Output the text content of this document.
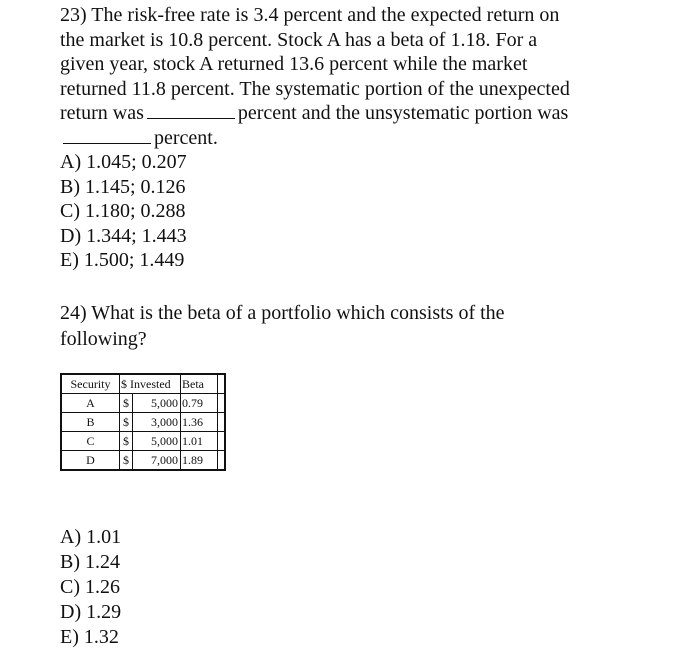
23) The risk-free rate is 3.4 percent and the expected return on
the market is 10.8 percent. Stock A has a beta of 1.18. For a
given year, stock A returned 13.6 percent while the market
returned 11.8 percent. The systematic portion of the unexpected
return was	percent and the unsystematic portion was
percent.
A) 1.045; 0.207
B) 1.145; 0.126
C) 1.180; 0.288
D) 1.344; 1.443
E) 1.500; 1.449
24) What is the beta of a portfolio which consists of the
following?
Security	$ Invested		Beta	
A	$	5,000	0.79	
B	$	3,000	1.36	
C	$	5,000	1.01	
D	$	7,000	1.89	
A) 1.01
B) 1.24
C) 1.26
D) 1.29
E) 1.32
